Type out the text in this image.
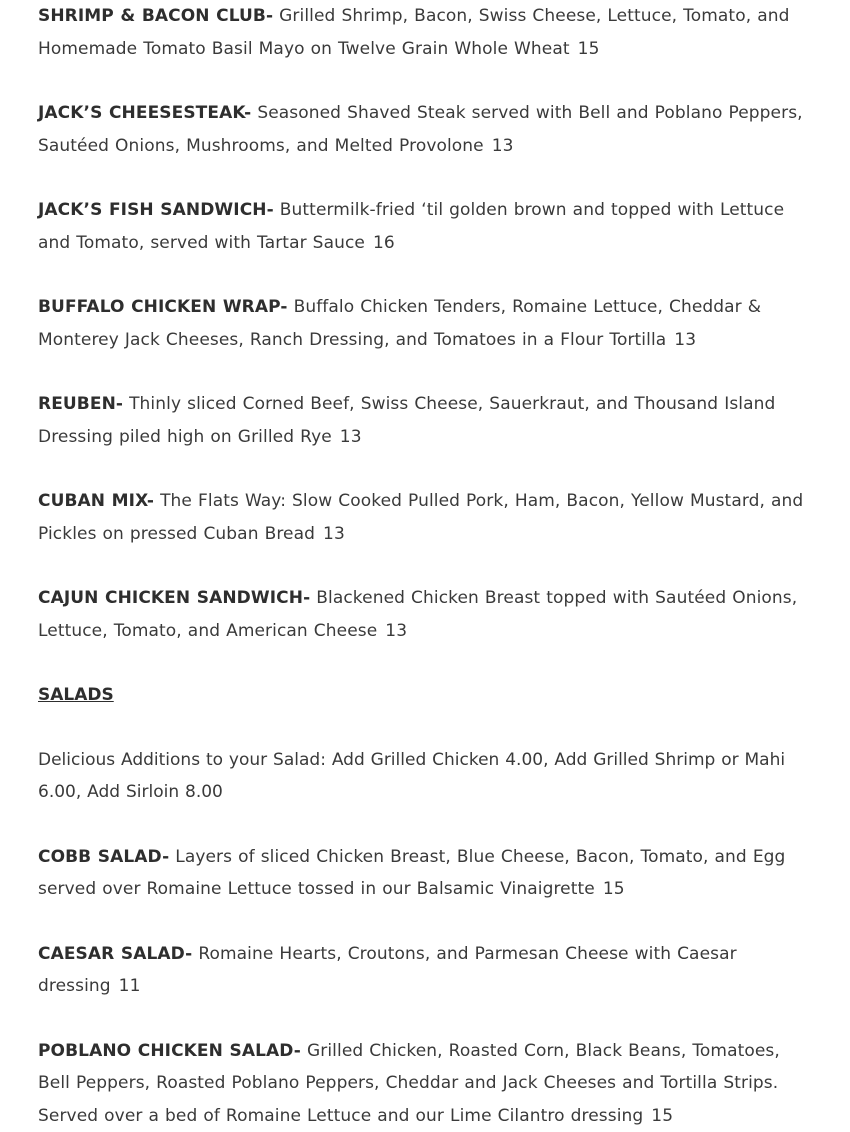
SHRIMP & BACON CLUB- Grilled Shrimp, Bacon, Swiss Cheese, Lettuce, Tomato, and Homemade Tomato Basil Mayo on Twelve Grain Whole Wheat 15

JACK’S CHEESESTEAK- Seasoned Shaved Steak served with Bell and Poblano Peppers, Sautéed Onions, Mushrooms, and Melted Provolone 13

JACK’S FISH SANDWICH- Buttermilk-fried ‘til golden brown and topped with Lettuce and Tomato, served with Tartar Sauce 16

BUFFALO CHICKEN WRAP- Buffalo Chicken Tenders, Romaine Lettuce, Cheddar & Monterey Jack Cheeses, Ranch Dressing, and Tomatoes in a Flour Tortilla 13

REUBEN- Thinly sliced Corned Beef, Swiss Cheese, Sauerkraut, and Thousand Island Dressing piled high on Grilled Rye 13

CUBAN MIX- The Flats Way: Slow Cooked Pulled Pork, Ham, Bacon, Yellow Mustard, and Pickles on pressed Cuban Bread 13

CAJUN CHICKEN SANDWICH- Blackened Chicken Breast topped with Sautéed Onions, Lettuce, Tomato, and American Cheese 13

SALADS

Delicious Additions to your Salad: Add Grilled Chicken 4.00, Add Grilled Shrimp or Mahi 6.00, Add Sirloin 8.00

COBB SALAD- Layers of sliced Chicken Breast, Blue Cheese, Bacon, Tomato, and Egg served over Romaine Lettuce tossed in our Balsamic Vinaigrette 15

CAESAR SALAD- Romaine Hearts, Croutons, and Parmesan Cheese with Caesar dressing 11

POBLANO CHICKEN SALAD- Grilled Chicken, Roasted Corn, Black Beans, Tomatoes, Bell Peppers, Roasted Poblano Peppers, Cheddar and Jack Cheeses and Tortilla Strips. Served over a bed of Romaine Lettuce and our Lime Cilantro dressing 15
